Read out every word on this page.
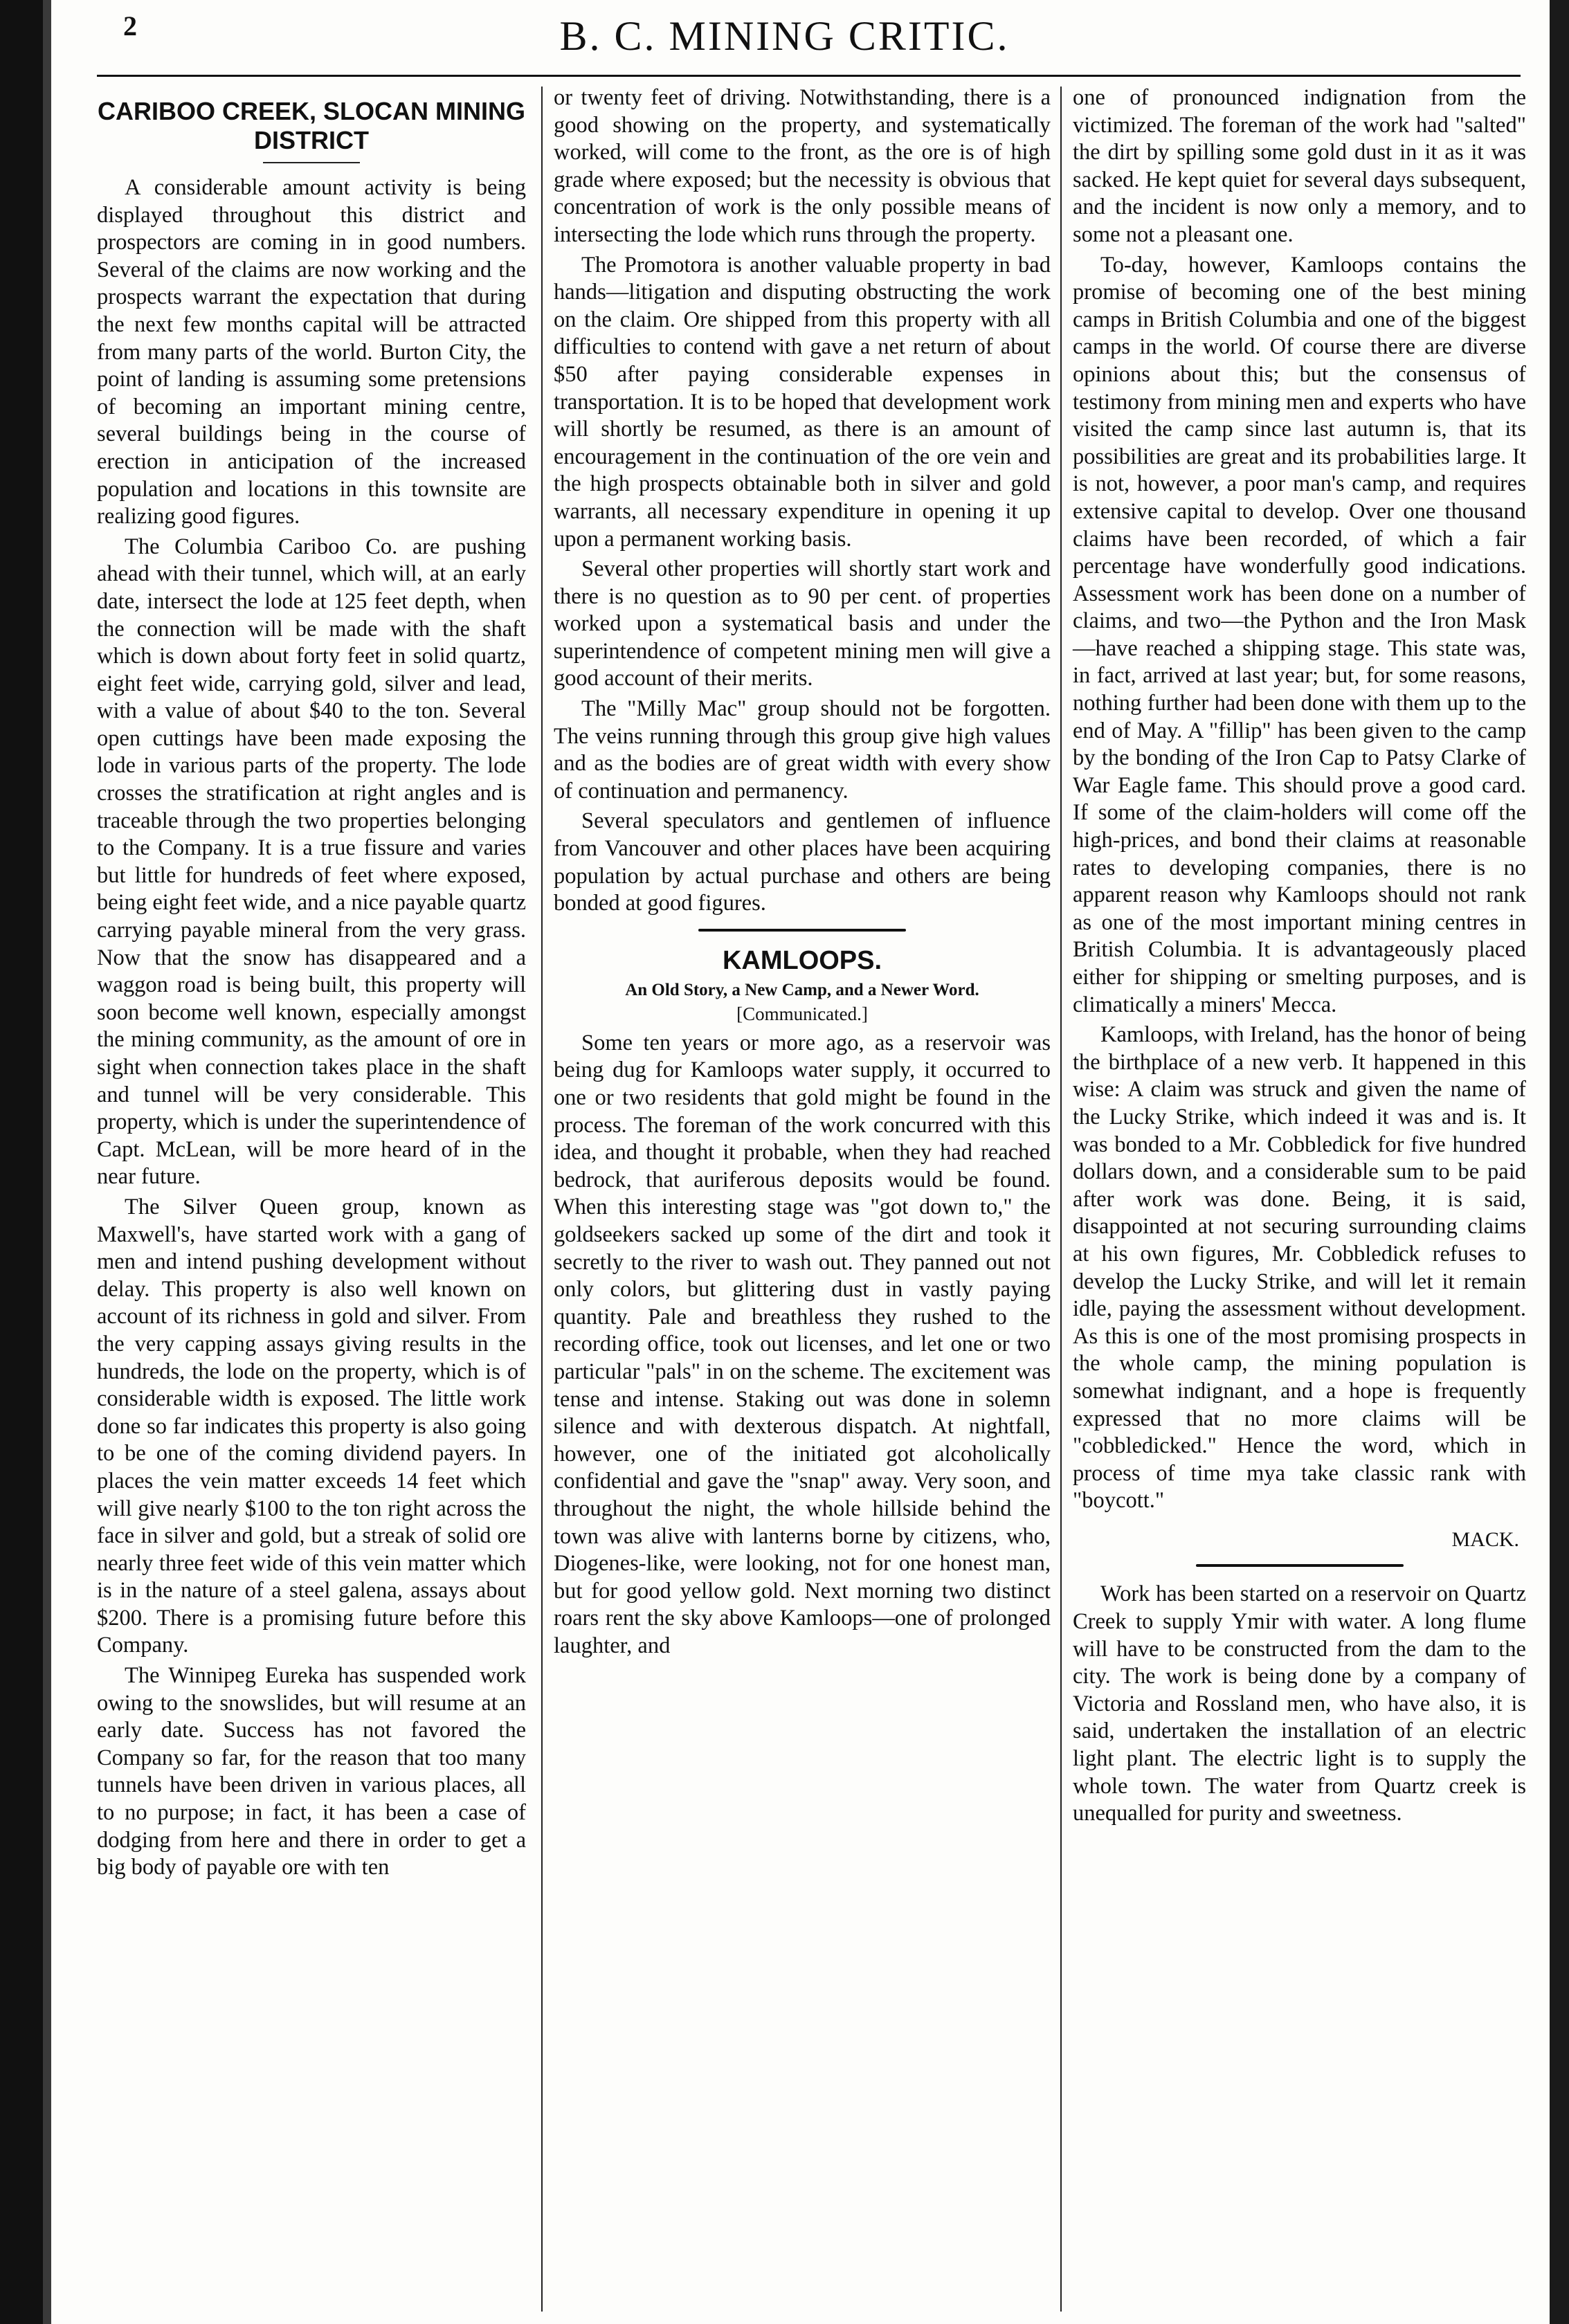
2	B. C. MINING CRITIC.
CARIBOO CREEK, SLOCAN MINING DISTRICT

A considerable amount activity is being displayed throughout this district and prospectors are coming in in good numbers. Several of the claims are now working and the prospects warrant the expectation that during the next few months capital will be attracted from many parts of the world. Burton City, the point of landing is assuming some pretensions of becoming an important mining centre, several buildings being in the course of erection in anticipation of the increased population and locations in this townsite are realizing good figures.

The Columbia Cariboo Co. are pushing ahead with their tunnel, which will, at an early date, intersect the lode at 125 feet depth, when the connection will be made with the shaft which is down about forty feet in solid quartz, eight feet wide, carrying gold, silver and lead, with a value of about $40 to the ton. Several open cuttings have been made exposing the lode in various parts of the property. The lode crosses the stratification at right angles and is traceable through the two properties belonging to the Company. It is a true fissure and varies but little for hundreds of feet where exposed, being eight feet wide, and a nice payable quartz carrying payable mineral from the very grass. Now that the snow has disappeared and a waggon road is being built, this property will soon become well known, especially amongst the mining community, as the amount of ore in sight when connection takes place in the shaft and tunnel will be very considerable. This property, which is under the superintendence of Capt. McLean, will be more heard of in the near future.

The Silver Queen group, known as Maxwell's, have started work with a gang of men and intend pushing development without delay. This property is also well known on account of its richness in gold and silver. From the very capping assays giving results in the hundreds, the lode on the property, which is of considerable width is exposed. The little work done so far indicates this property is also going to be one of the coming dividend payers. In places the vein matter exceeds 14 feet which will give nearly $100 to the ton right across the face in silver and gold, but a streak of solid ore nearly three feet wide of this vein matter which is in the nature of a steel galena, assays about $200. There is a promising future before this Company.

The Winnipeg Eureka has suspended work owing to the snowslides, but will resume at an early date. Success has not favored the Company so far, for the reason that too many tunnels have been driven in various places, all to no purpose; in fact, it has been a case of dodging from here and there in order to get a big body of payable ore with ten

or twenty feet of driving. Notwithstanding, there is a good showing on the property, and systematically worked, will come to the front, as the ore is of high grade where exposed; but the necessity is obvious that concentration of work is the only possible means of intersecting the lode which runs through the property.

The Promotora is another valuable property in bad hands—litigation and disputing obstructing the work on the claim. Ore shipped from this property with all difficulties to contend with gave a net return of about $50 after paying considerable expenses in transportation. It is to be hoped that development work will shortly be resumed, as there is an amount of encouragement in the continuation of the ore vein and the high prospects obtainable both in silver and gold warrants, all necessary expenditure in opening it up upon a permanent working basis.

Several other properties will shortly start work and there is no question as to 90 per cent. of properties worked upon a systematical basis and under the superintendence of competent mining men will give a good account of their merits.

The "Milly Mac" group should not be forgotten. The veins running through this group give high values and as the bodies are of great width with every show of continuation and permanency.

Several speculators and gentlemen of influence from Vancouver and other places have been acquiring population by actual purchase and others are being bonded at good figures.

KAMLOOPS.
An Old Story, a New Camp, and a Newer Word.
[Communicated.]

Some ten years or more ago, as a reservoir was being dug for Kamloops water supply, it occurred to one or two residents that gold might be found in the process. The foreman of the work concurred with this idea, and thought it probable, when they had reached bedrock, that auriferous deposits would be found. When this interesting stage was "got down to," the goldseekers sacked up some of the dirt and took it secretly to the river to wash out. They panned out not only colors, but glittering dust in vastly paying quantity. Pale and breathless they rushed to the recording office, took out licenses, and let one or two particular "pals" in on the scheme. The excitement was tense and intense. Staking out was done in solemn silence and with dexterous dispatch. At nightfall, however, one of the initiated got alcoholically confidential and gave the "snap" away. Very soon, and throughout the night, the whole hillside behind the town was alive with lanterns borne by citizens, who, Diogenes-like, were looking, not for one honest man, but for good yellow gold. Next morning two distinct roars rent the sky above Kamloops—one of prolonged laughter, and

one of pronounced indignation from the victimized. The foreman of the work had "salted" the dirt by spilling some gold dust in it as it was sacked. He kept quiet for several days subsequent, and the incident is now only a memory, and to some not a pleasant one.

To-day, however, Kamloops contains the promise of becoming one of the best mining camps in British Columbia and one of the biggest camps in the world. Of course there are diverse opinions about this; but the consensus of testimony from mining men and experts who have visited the camp since last autumn is, that its possibilities are great and its probabilities large. It is not, however, a poor man's camp, and requires extensive capital to develop. Over one thousand claims have been recorded, of which a fair percentage have wonderfully good indications. Assessment work has been done on a number of claims, and two—the Python and the Iron Mask—have reached a shipping stage. This state was, in fact, arrived at last year; but, for some reasons, nothing further had been done with them up to the end of May. A "fillip" has been given to the camp by the bonding of the Iron Cap to Patsy Clarke of War Eagle fame. This should prove a good card. If some of the claim-holders will come off the high-prices, and bond their claims at reasonable rates to developing companies, there is no apparent reason why Kamloops should not rank as one of the most important mining centres in British Columbia. It is advantageously placed either for shipping or smelting purposes, and is climatically a miners' Mecca.

Kamloops, with Ireland, has the honor of being the birthplace of a new verb. It happened in this wise: A claim was struck and given the name of the Lucky Strike, which indeed it was and is. It was bonded to a Mr. Cobbledick for five hundred dollars down, and a considerable sum to be paid after work was done. Being, it is said, disappointed at not securing surrounding claims at his own figures, Mr. Cobbledick refuses to develop the Lucky Strike, and will let it remain idle, paying the assessment without development. As this is one of the most promising prospects in the whole camp, the mining population is somewhat indignant, and a hope is frequently expressed that no more claims will be "cobbledicked." Hence the word, which in process of time mya take classic rank with "boycott."

MACK.

Work has been started on a reservoir on Quartz Creek to supply Ymir with water. A long flume will have to be constructed from the dam to the city. The work is being done by a company of Victoria and Rossland men, who have also, it is said, undertaken the installation of an electric light plant. The electric light is to supply the whole town. The water from Quartz creek is unequalled for purity and sweetness.
